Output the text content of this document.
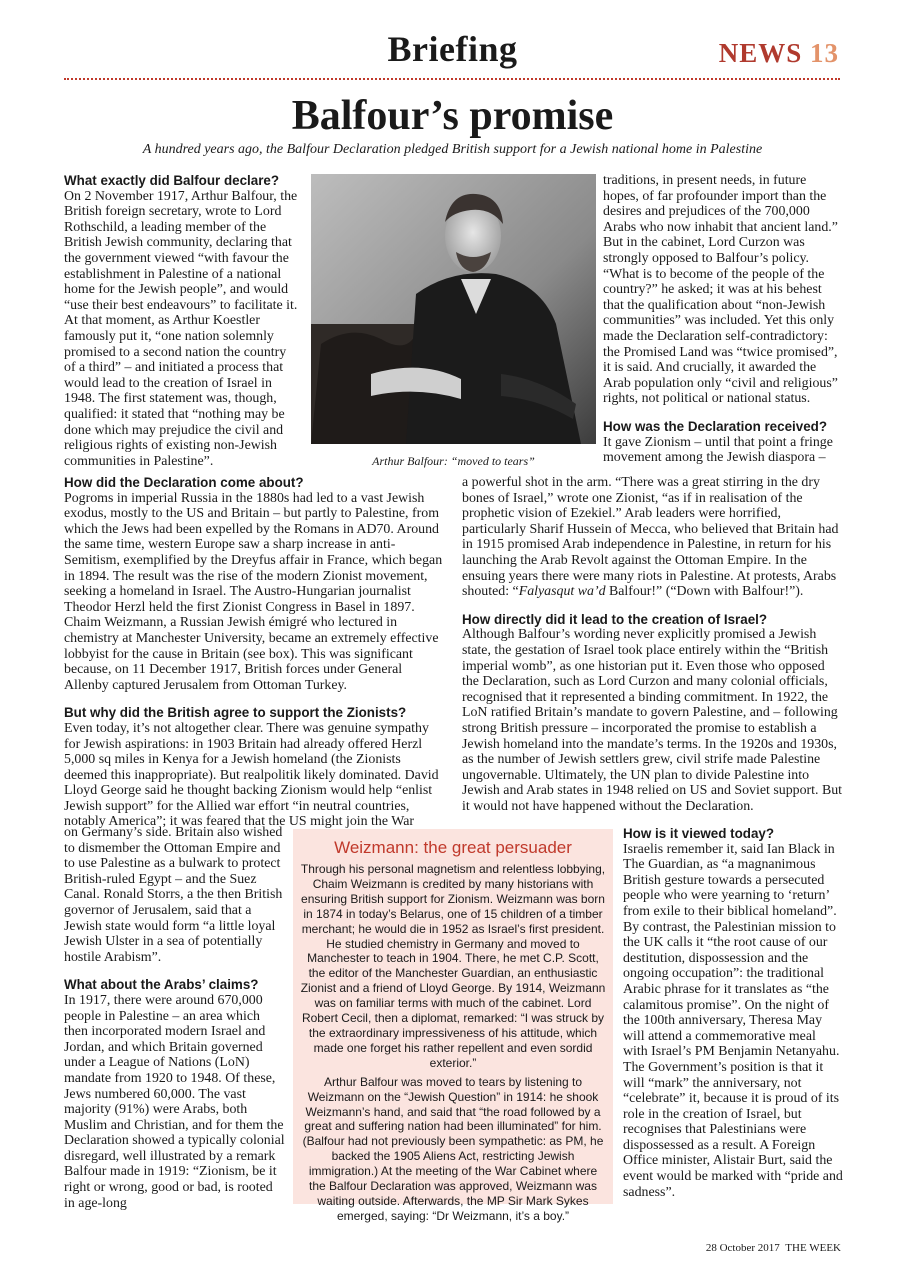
Briefing	NEWS 13
Balfour’s promise
A hundred years ago, the Balfour Declaration pledged British support for a Jewish national home in Palestine

What exactly did Balfour declare?

On 2 November 1917, Arthur Balfour, the British foreign secretary, wrote to Lord Rothschild, a leading member of the British Jewish community, declaring that the government viewed “with favour the establishment in Palestine of a national home for the Jewish people”, and would “use their best endeavours” to facilitate it. At that moment, as Arthur Koestler famously put it, “one nation solemnly promised to a second nation the country of a third” – and initiated a process that would lead to the creation of Israel in 1948. The first statement was, though, qualified: it stated that “nothing may be done which may prejudice the civil and religious rights of existing non-Jewish communities in Palestine”.	Arthur Balfour: “moved to tears”

traditions, in present needs, in future hopes, of far profounder import than the desires and prejudices of the 700,000 Arabs who now inhabit that ancient land.” But in the cabinet, Lord Curzon was strongly opposed to Balfour’s policy. “What is to become of the people of the country?” he asked; it was at his behest that the qualification about “non-Jewish communities” was included. Yet this only made the Declaration self-contradictory: the Promised Land was “twice promised”, it is said. And crucially, it awarded the Arab population only “civil and religious” rights, not political or national status.

How was the Declaration received?

It gave Zionism – until that point a fringe movement among the Jewish diaspora –

How did the Declaration come about?

Pogroms in imperial Russia in the 1880s had led to a vast Jewish exodus, mostly to the US and Britain – but partly to Palestine, from which the Jews had been expelled by the Romans in AD70. Around the same time, western Europe saw a sharp increase in anti-Semitism, exemplified by the Dreyfus affair in France, which began in 1894. The result was the rise of the modern Zionist movement, seeking a homeland in Israel. The Austro-Hungarian journalist Theodor Herzl held the first Zionist Congress in Basel in 1897. Chaim Weizmann, a Russian Jewish émigré who lectured in chemistry at Manchester University, became an extremely effective lobbyist for the cause in Britain (see box). This was significant because, on 11 December 1917, British forces under General Allenby captured Jerusalem from Ottoman Turkey.

But why did the British agree to support the Zionists?

Even today, it’s not altogether clear. There was genuine sympathy for Jewish aspirations: in 1903 Britain had already offered Herzl 5,000 sq miles in Kenya for a Jewish homeland (the Zionists deemed this inappropriate). But realpolitik likely dominated. David Lloyd George said he thought backing Zionism would help “enlist Jewish support” for the Allied war effort “in neutral countries, notably America”; it was feared that the US might join the War

on Germany’s side. Britain also wished to dismember the Ottoman Empire and to use Palestine as a bulwark to protect British-ruled Egypt – and the Suez Canal. Ronald Storrs, a the then British governor of Jerusalem, said that a Jewish state would form “a little loyal Jewish Ulster in a sea of potentially hostile Arabism”.

What about the Arabs’ claims?

In 1917, there were around 670,000 people in Palestine – an area which then incorporated modern Israel and Jordan, and which Britain governed under a League of Nations (LoN) mandate from 1920 to 1948. Of these, Jews numbered 60,000. The vast majority (91%) were Arabs, both Muslim and Christian, and for them the Declaration showed a typically colonial disregard, well illustrated by a remark Balfour made in 1919: “Zionism, be it right or wrong, good or bad, is rooted in age-long

a powerful shot in the arm. “There was a great stirring in the dry bones of Israel,” wrote one Zionist, “as if in realisation of the prophetic vision of Ezekiel.” Arab leaders were horrified, particularly Sharif Hussein of Mecca, who believed that Britain had in 1915 promised Arab independence in Palestine, in return for his launching the Arab Revolt against the Ottoman Empire. In the ensuing years there were many riots in Palestine. At protests, Arabs shouted: “Falyasqut wa’d Balfour!” (“Down with Balfour!”).

How directly did it lead to the creation of Israel?

Although Balfour’s wording never explicitly promised a Jewish state, the gestation of Israel took place entirely within the “British imperial womb”, as one historian put it. Even those who opposed the Declaration, such as Lord Curzon and many colonial officials, recognised that it represented a binding commitment. In 1922, the LoN ratified Britain’s mandate to govern Palestine, and – following strong British pressure – incorporated the promise to establish a Jewish homeland into the mandate’s terms. In the 1920s and 1930s, as the number of Jewish settlers grew, civil strife made Palestine ungovernable. Ultimately, the UN plan to divide Palestine into Jewish and Arab states in 1948 relied on US and Soviet support. But it would not have happened without the Declaration.

How is it viewed today?

Israelis remember it, said Ian Black in The Guardian, as “a magnanimous British gesture towards a persecuted people who were yearning to ‘return’ from exile to their biblical homeland”. By contrast, the Palestinian mission to the UK calls it “the root cause of our destitution, dispossession and the ongoing occupation”: the traditional Arabic phrase for it translates as “the calamitous promise”. On the night of the 100th anniversary, Theresa May will attend a commemorative meal with Israel’s PM Benjamin Netanyahu. The Government’s position is that it will “mark” the anniversary, not “celebrate” it, because it is proud of its role in the creation of Israel, but recognises that Palestinians were dispossessed as a result. A Foreign Office minister, Alistair Burt, said the event would be marked with “pride and sadness”.

Weizmann: the great persuader

Through his personal magnetism and relentless lobbying, Chaim Weizmann is credited by many historians with ensuring British support for Zionism. Weizmann was born in 1874 in today’s Belarus, one of 15 children of a timber merchant; he would die in 1952 as Israel’s first president. He studied chemistry in Germany and moved to Manchester to teach in 1904. There, he met C.P. Scott, the editor of the Manchester Guardian, an enthusiastic Zionist and a friend of Lloyd George. By 1914, Weizmann was on familiar terms with much of the cabinet. Lord Robert Cecil, then a diplomat, remarked: “I was struck by the extraordinary impressiveness of his attitude, which made one forget his rather repellent and even sordid exterior.”

Arthur Balfour was moved to tears by listening to Weizmann on the “Jewish Question” in 1914: he shook Weizmann’s hand, and said that “the road followed by a great and suffering nation had been illuminated” for him. (Balfour had not previously been sympathetic: as PM, he backed the 1905 Aliens Act, restricting Jewish immigration.) At the meeting of the War Cabinet where the Balfour Declaration was approved, Weizmann was waiting outside. Afterwards, the MP Sir Mark Sykes emerged, saying: “Dr Weizmann, it’s a boy.”

28 October 2017 THE WEEK
